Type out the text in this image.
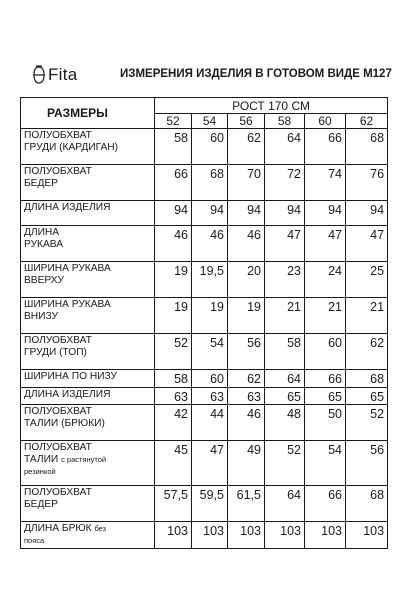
Fita	ИЗМЕРЕНИЯ ИЗДЕЛИЯ В ГОТОВОМ ВИДЕ M127
РАЗМЕРЫ	РОСТ 170 СМ					
	52	54	56	58	60	62
ПОЛУОБХВАТ
ГРУДИ (КАРДИГАН)	58	60	62	64	66	68
ПОЛУОБХВАТ
БЕДЕР	66	68	70	72	74	76
ДЛИНА ИЗДЕЛИЯ	94	94	94	94	94	94
ДЛИНА
РУКАВА	46	46	46	47	47	47
ШИРИНА РУКАВА
ВВЕРХУ	19	19,5	20	23	24	25
ШИРИНА РУКАВА
ВНИЗУ	19	19	19	21	21	21
ПОЛУОБХВАТ
ГРУДИ (ТОП)	52	54	56	58	60	62
ШИРИНА ПО НИЗУ	58	60	62	64	66	68
ДЛИНА ИЗДЕЛИЯ	63	63	63	65	65	65
ПОЛУОБХВАТ
ТАЛИИ (БРЮКИ)	42	44	46	48	50	52
ПОЛУОБХВАТ
ТАЛИИ с растянутой
резинкой	45	47	49	52	54	56
ПОЛУОБХВАТ
БЕДЕР	57,5	59,5	61,5	64	66	68
ДЛИНА БРЮК без
пояса	103	103	103	103	103	103
